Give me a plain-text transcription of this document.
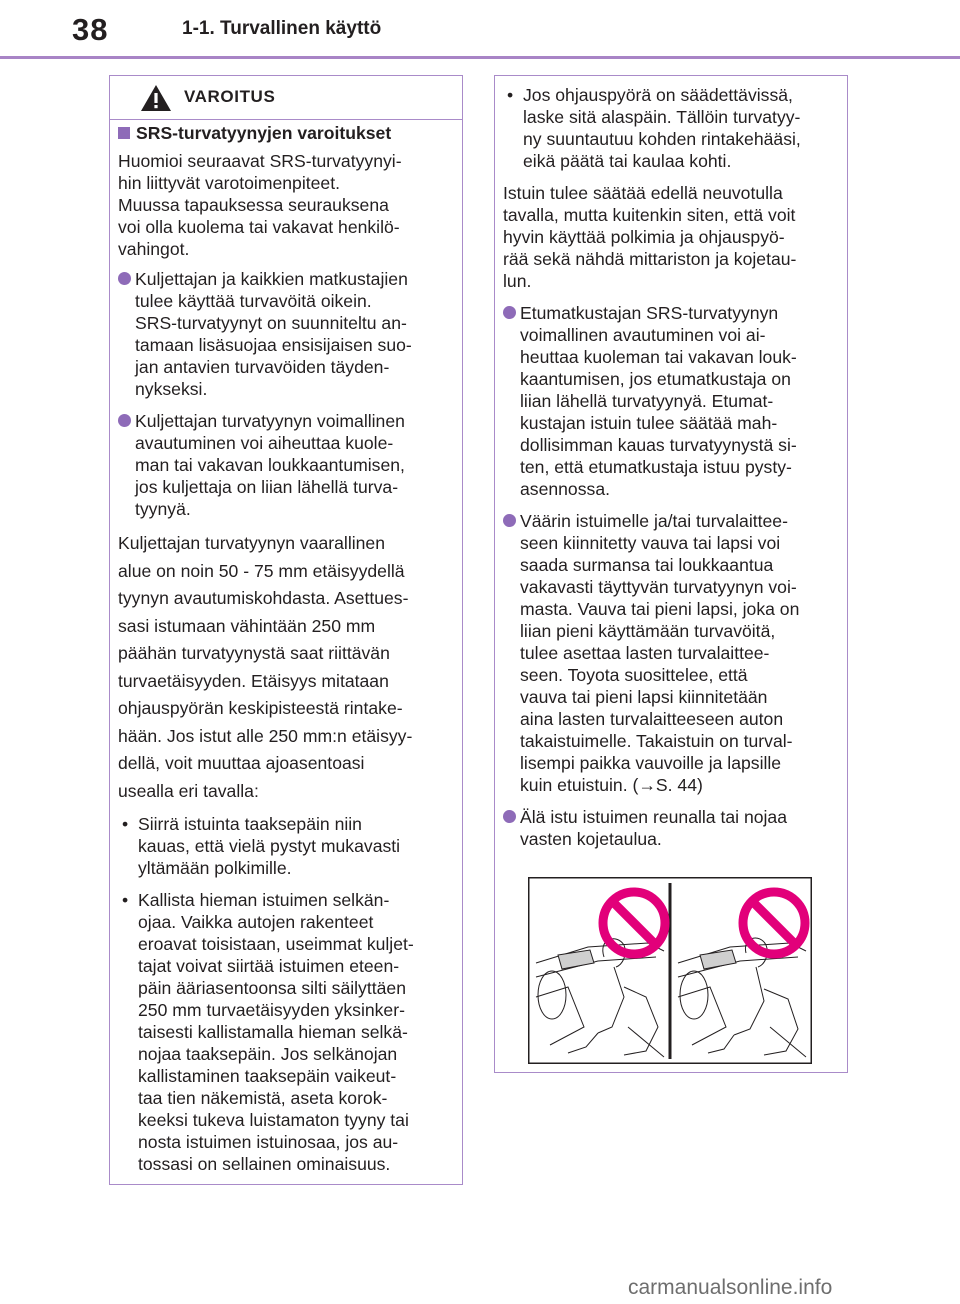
38	1-1. Turvallinen käyttö
VAROITUS
SRS-turvatyynyjen varoitukset

Huomioi seuraavat SRS-turvatyynyi-
hin liittyvät varotoimenpiteet.
Muussa tapauksessa seurauksena
voi olla kuolema tai vakavat henkilö-
vahingot.

Kuljettajan ja kaikkien matkustajien
tulee käyttää turvavöitä oikein.
SRS-turvatyynyt on suunniteltu an-
tamaan lisäsuojaa ensisijaisen suo-
jan antavien turvavöiden täyden-
nykseksi.
Kuljettajan turvatyynyn voimallinen
avautuminen voi aiheuttaa kuole-
man tai vakavan loukkaantumisen,
jos kuljettaja on liian lähellä turva-
tyynyä.

Kuljettajan turvatyynyn vaarallinen
alue on noin 50 - 75 mm etäisyydellä
tyynyn avautumiskohdasta. Asettues-
sasi istumaan vähintään 250 mm
päähän turvatyynystä saat riittävän
turvaetäisyyden. Etäisyys mitataan
ohjauspyörän keskipisteestä rintake-
hään. Jos istut alle 250 mm:n etäisyy-
dellä, voit muuttaa ajoasentoasi
usealla eri tavalla:

• Siirrä istuinta taaksepäin niin
kauas, että vielä pystyt mukavasti
yltämään polkimille.
• Kallista hieman istuimen selkän-
ojaa. Vaikka autojen rakenteet
eroavat toisistaan, useimmat kuljet-
tajat voivat siirtää istuimen eteen-
päin ääriasentoonsa silti säilyttäen
250 mm turvaetäisyyden yksinker-
taisesti kallistamalla hieman selkä-
nojaa taaksepäin. Jos selkänojan
kallistaminen taaksepäin vaikeut-
taa tien näkemistä, aseta korok-
keeksi tukeva luistamaton tyyny tai
nosta istuimen istuinosaa, jos au-
tossasi on sellainen ominaisuus.
• Jos ohjauspyörä on säädettävissä,
laske sitä alaspäin. Tällöin turvatyy-
ny suuntautuu kohden rintakehääsi,
eikä päätä tai kaulaa kohti.

Istuin tulee säätää edellä neuvotulla
tavalla, mutta kuitenkin siten, että voit
hyvin käyttää polkimia ja ohjauspyö-
rää sekä nähdä mittariston ja kojetau-
lun.

Etumatkustajan SRS-turvatyynyn
voimallinen avautuminen voi ai-
heuttaa kuoleman tai vakavan louk-
kaantumisen, jos etumatkustaja on
liian lähellä turvatyynyä. Etumat-
kustajan istuin tulee säätää mah-
dollisimman kauas turvatyynystä si-
ten, että etumatkustaja istuu pysty-
asennossa.
Väärin istuimelle ja/tai turvalaittee-
seen kiinnitetty vauva tai lapsi voi
saada surmansa tai loukkaantua
vakavasti täyttyvän turvatyynyn voi-
masta. Vauva tai pieni lapsi, joka on
liian pieni käyttämään turvavöitä,
tulee asettaa lasten turvalaittee-
seen. Toyota suosittelee, että
vauva tai pieni lapsi kiinnitetään
aina lasten turvalaitteeseen auton
takaistuimelle. Takaistuin on turval-
lisempi paikka vauvoille ja lapsille
kuin etuistuin. (→S. 44)
Älä istu istuimen reunalla tai nojaa
vasten kojetaulua.
carmanualsonline.info
